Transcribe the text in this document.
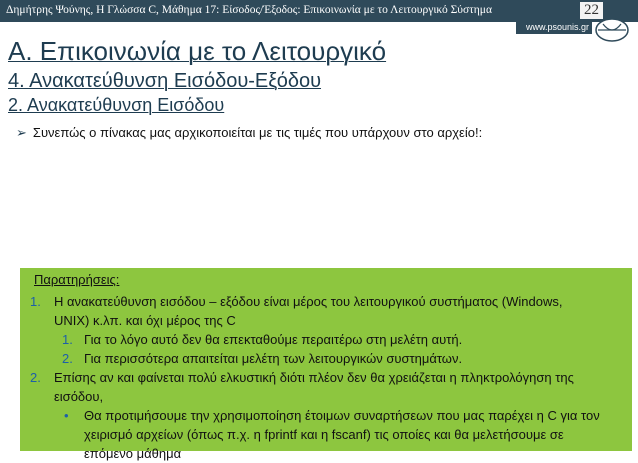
Δημήτρης Ψούνης, Η Γλώσσα C, Μάθημα 17: Είσοδος/Έξοδος: Επικοινωνία με το Λειτουργικό Σύστημα	22
www.psounis.gr
Α. Επικοινωνία με το Λειτουργικό
4. Ανακατεύθυνση Εισόδου-Εξόδου
2. Ανακατεύθυνση Εισόδου
➢ Συνεπώς ο πίνακας μας αρχικοποιείται με τις τιμές που υπάρχουν στο αρχείο!:
Παρατηρήσεις:
1. Η ανακατεύθυνση εισόδου – εξόδου είναι μέρος του λειτουργικού συστήματος (Windows,
UNIX) κ.λπ. και όχι μέρος της C
1. Για το λόγο αυτό δεν θα επεκταθούμε περαιτέρω στη μελέτη αυτή.
2. Για περισσότερα απαιτείται μελέτη των λειτουργικών συστημάτων.
2. Επίσης αν και φαίνεται πολύ ελκυστική διότι πλέον δεν θα χρειάζεται η πληκτρολόγηση της
εισόδου,
• Θα προτιμήσουμε την χρησιμοποίηση έτοιμων συναρτήσεων που μας παρέχει η C για τον
χειρισμό αρχείων (όπως π.χ. η fprintf και η fscanf) τις οποίες και θα μελετήσουμε σε
επόμενο μάθημα
